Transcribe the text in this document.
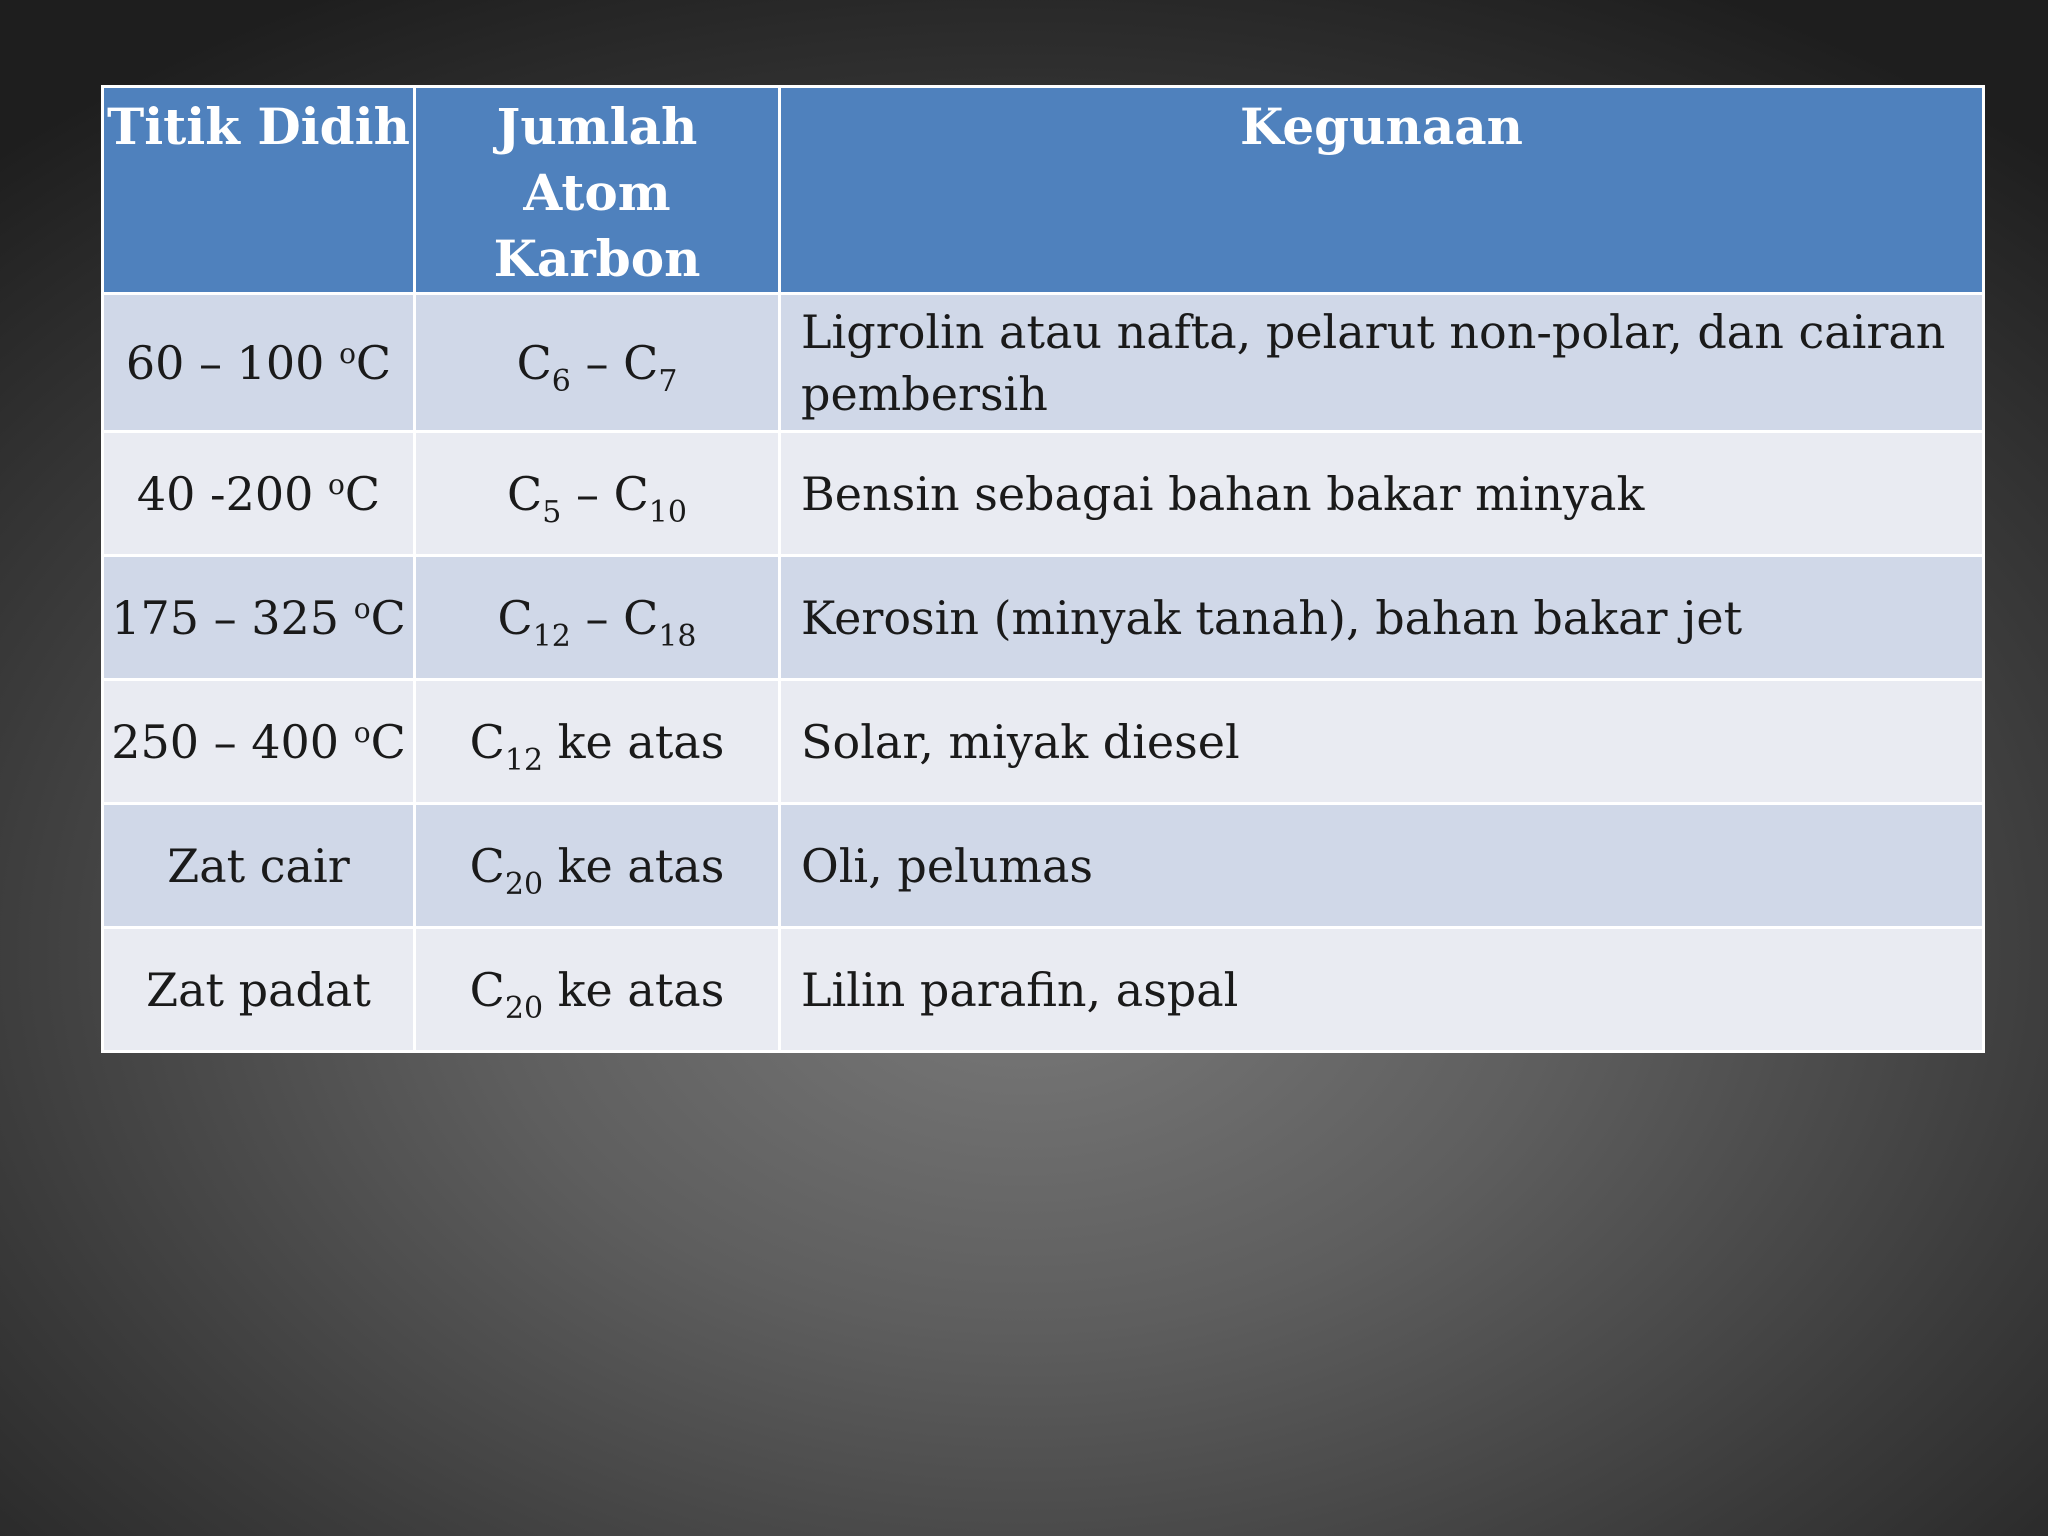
Titik Didih	Jumlah Atom Karbon	Kegunaan
60 – 100 $^o$C	$C_6 - C_7$	Ligrolin atau nafta, pelarut non-polar, dan cairan pembersih
40 -200 $^o$C	$C_5 - C_{10}$	Bensin sebagai bahan bakar minyak
175 – 325 $^o$C	$C_{12} - C_{18}$	Kerosin (minyak tanah), bahan bakar jet
250 – 400 $^o$C	$C_{12}$ ke atas	Solar, miyak diesel
Zat cair	$C_{20}$ ke atas	Oli, pelumas
Zat padat	$C_{20}$ ke atas	Lilin parafin, aspal
